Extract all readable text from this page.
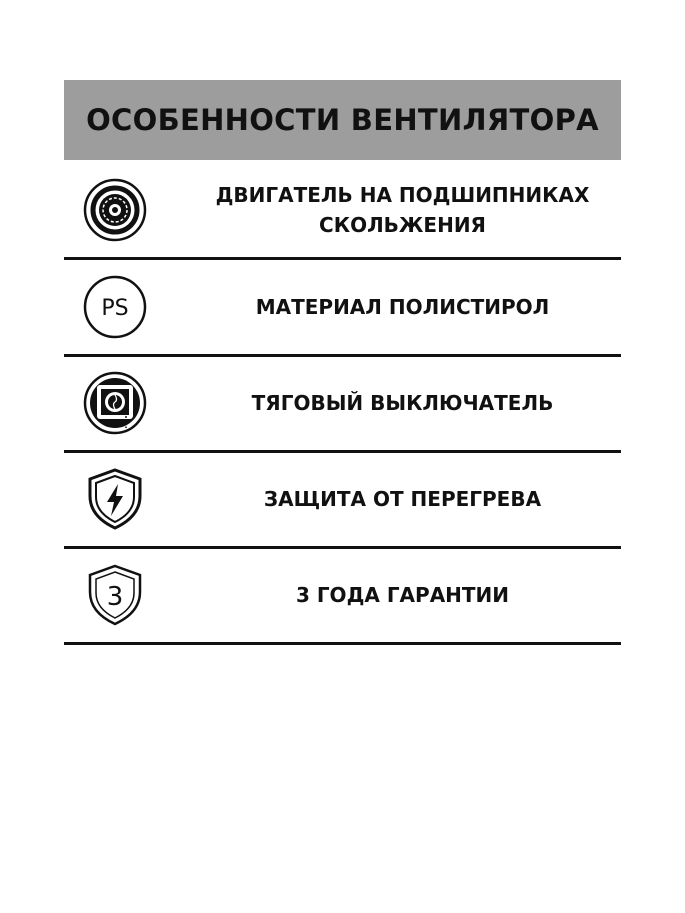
ОСОБЕННОСТИ ВЕНТИЛЯТОРА
ДВИГАТЕЛЬ НА ПОДШИПНИКАХ
СКОЛЬЖЕНИЯ
PS	МАТЕРИАЛ ПОЛИСТИРОЛ
ТЯГОВЫЙ ВЫКЛЮЧАТЕЛЬ
ЗАЩИТА ОТ ПЕРЕГРЕВА
3	3 ГОДА ГАРАНТИИ
